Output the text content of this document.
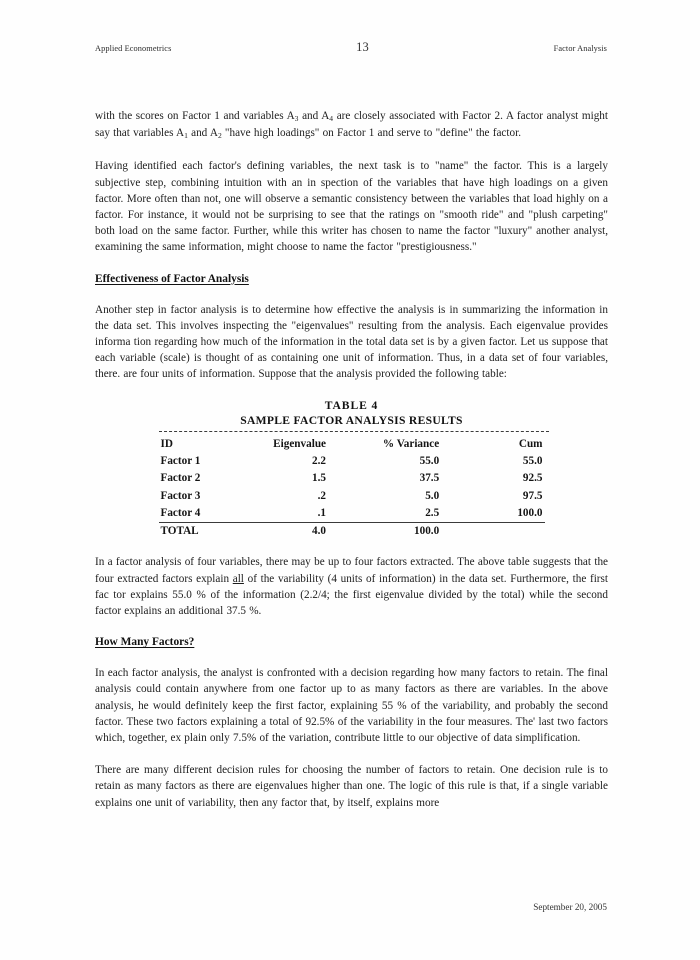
Applied Econometrics	13	Factor Analysis

with the scores on Factor 1 and variables $A_3$ and $A_4$ are closely associated with Factor 2. A factor analyst might say that variables $A_1$ and $A_2$ "have high loadings" on Factor 1 and serve to "define" the factor.

Having identified each factor's defining variables, the next task is to "name" the factor. This is a largely subjective step, combining intuition with an in spection of the variables that have high loadings on a given factor. More often than not, one will observe a semantic consistency between the variables that load highly on a factor. For instance, it would not be surprising to see that the ratings on "smooth ride" and "plush carpeting" both load on the same factor. Further, while this writer has chosen to name the factor "luxury" another analyst, examining the same information, might choose to name the factor "prestigiousness."

Effectiveness of Factor Analysis

Another step in factor analysis is to determine how effective the analysis is in summarizing the information in the data set. This involves inspecting the "eigenvalues" resulting from the analysis. Each eigenvalue provides informa tion regarding how much of the information in the total data set is by a given factor. Let us suppose that each variable (scale) is thought of as containing one unit of information. Thus, in a data set of four variables, there. are four units of information. Suppose that the analysis provided the following table:

TABLE 4
SAMPLE FACTOR ANALYSIS RESULTS
ID	Eigenvalue	% Variance	Cum
Factor 1	2.2	55.0	55.0
Factor 2	1.5	37.5	92.5
Factor 3	.2	5.0	97.5
Factor 4	.1	2.5	100.0
TOTAL	4.0	100.0	

In a factor analysis of four variables, there may be up to four factors extracted. The above table suggests that the four extracted factors explain all of the variability (4 units of information) in the data set. Furthermore, the first fac tor explains 55.0 % of the information (2.2/4; the first eigenvalue divided by the total) while the second factor explains an additional 37.5 %.

How Many Factors?

In each factor analysis, the analyst is confronted with a decision regarding how many factors to retain. The final analysis could contain anywhere from one factor up to as many factors as there are variables. In the above analysis, he would definitely keep the first factor, explaining 55 % of the variability, and probably the second factor. These two factors explaining a total of 92.5% of the variability in the four measures. The' last two factors which, together, ex plain only 7.5% of the variation, contribute little to our objective of data simplification.

There are many different decision rules for choosing the number of factors to retain. One decision rule is to retain as many factors as there are eigenvalues higher than one. The logic of this rule is that, if a single variable explains one unit of variability, then any factor that, by itself, explains more

September 20, 2005
